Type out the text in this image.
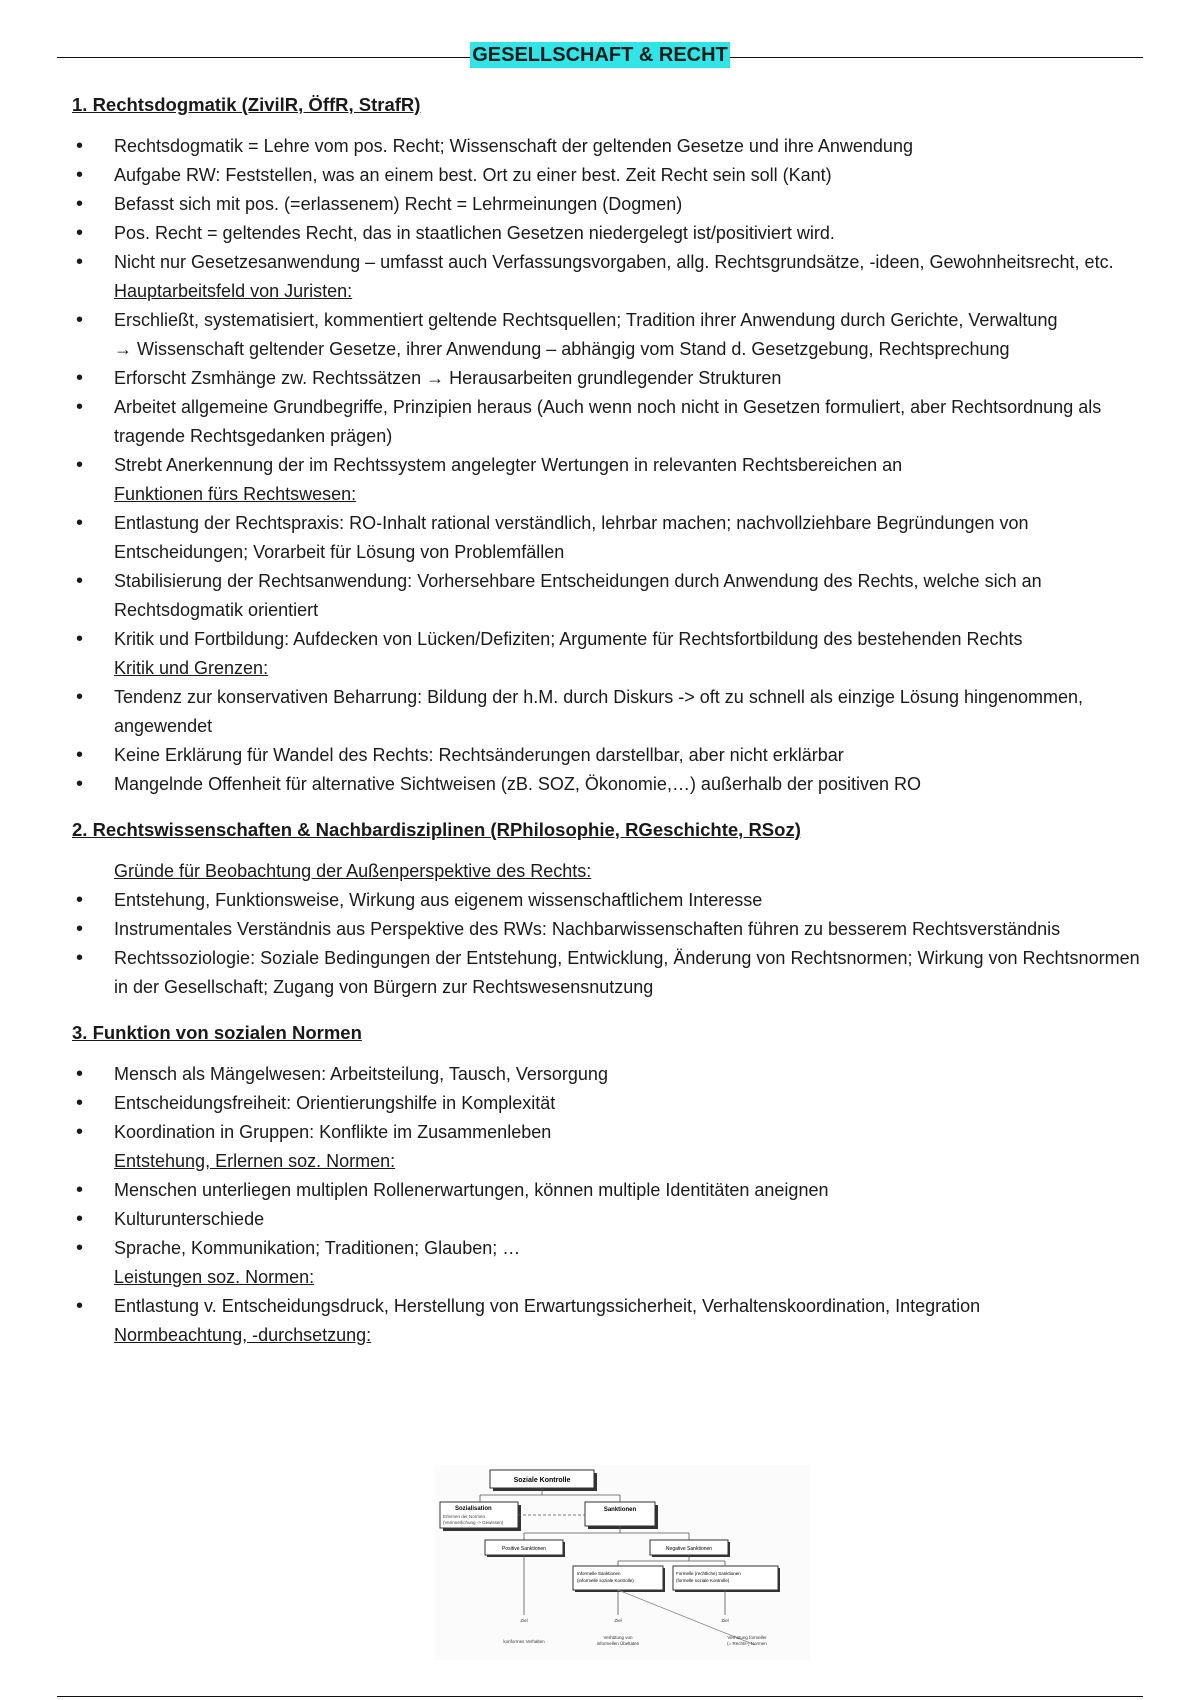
GESELLSCHAFT & RECHT
1. Rechtsdogmatik (ZivilR, ÖffR, StrafR)
• Rechtsdogmatik = Lehre vom pos. Recht; Wissenschaft der geltenden Gesetze und ihre Anwendung
• Aufgabe RW: Feststellen, was an einem best. Ort zu einer best. Zeit Recht sein soll (Kant)
• Befasst sich mit pos. (=erlassenem) Recht = Lehrmeinungen (Dogmen)
• Pos. Recht = geltendes Recht, das in staatlichen Gesetzen niedergelegt ist/positiviert wird.
• Nicht nur Gesetzesanwendung – umfasst auch Verfassungsvorgaben, allg. Rechtsgrundsätze, -ideen, Gewohnheitsrecht, etc.
Hauptarbeitsfeld von Juristen:
• Erschließt, systematisiert, kommentiert geltende Rechtsquellen; Tradition ihrer Anwendung durch Gerichte, Verwaltung
→ Wissenschaft geltender Gesetze, ihrer Anwendung – abhängig vom Stand d. Gesetzgebung, Rechtsprechung
• Erforscht Zsmhänge zw. Rechtssätzen → Herausarbeiten grundlegender Strukturen
• Arbeitet allgemeine Grundbegriffe, Prinzipien heraus (Auch wenn noch nicht in Gesetzen formuliert, aber Rechtsordnung als tragende Rechtsgedanken prägen)
• Strebt Anerkennung der im Rechtssystem angelegter Wertungen in relevanten Rechtsbereichen an
Funktionen fürs Rechtswesen:
• Entlastung der Rechtspraxis: RO-Inhalt rational verständlich, lehrbar machen; nachvollziehbare Begründungen von Entscheidungen; Vorarbeit für Lösung von Problemfällen
• Stabilisierung der Rechtsanwendung: Vorhersehbare Entscheidungen durch Anwendung des Rechts, welche sich an Rechtsdogmatik orientiert
• Kritik und Fortbildung: Aufdecken von Lücken/Defiziten; Argumente für Rechtsfortbildung des bestehenden Rechts
Kritik und Grenzen:
• Tendenz zur konservativen Beharrung: Bildung der h.M. durch Diskurs -> oft zu schnell als einzige Lösung hingenommen, angewendet
• Keine Erklärung für Wandel des Rechts: Rechtsänderungen darstellbar, aber nicht erklärbar
• Mangelnde Offenheit für alternative Sichtweisen (zB. SOZ, Ökonomie,…) außerhalb der positiven RO
2. Rechtswissenschaften & Nachbardisziplinen (RPhilosophie, RGeschichte, RSoz)
Gründe für Beobachtung der Außenperspektive des Rechts:
• Entstehung, Funktionsweise, Wirkung aus eigenem wissenschaftlichem Interesse
• Instrumentales Verständnis aus Perspektive des RWs: Nachbarwissenschaften führen zu besserem Rechtsverständnis
• Rechtssoziologie: Soziale Bedingungen der Entstehung, Entwicklung, Änderung von Rechtsnormen; Wirkung von Rechtsnormen in der Gesellschaft; Zugang von Bürgern zur Rechtswesensnutzung
3. Funktion von sozialen Normen
• Mensch als Mängelwesen: Arbeitsteilung, Tausch, Versorgung
• Entscheidungsfreiheit: Orientierungshilfe in Komplexität
• Koordination in Gruppen: Konflikte im Zusammenleben
Entstehung, Erlernen soz. Normen:
• Menschen unterliegen multiplen Rollenerwartungen, können multiple Identitäten aneignen
• Kulturunterschiede
• Sprache, Kommunikation; Traditionen; Glauben; …
Leistungen soz. Normen:
• Entlastung v. Entscheidungsdruck, Herstellung von Erwartungssicherheit, Verhaltenskoordination, Integration
Normbeachtung, -durchsetzung:
Soziale Kontrolle
Sozialisation
Erlernen der Normen
(Verinnerlichung -> Gewissen)
Sanktionen
Positive Sanktionen	Negative Sanktionen
Informelle Sanktionen
(informelle soziale Kontrolle)
Formelle (rechtliche) Sanktionen
(formelle soziale Kontrolle)
Ziel	Ziel	Ziel
konformes Verhalten
Verhütung von
informellen Übeltaten
Verhütung formeller
(= Rechts-) Normen
